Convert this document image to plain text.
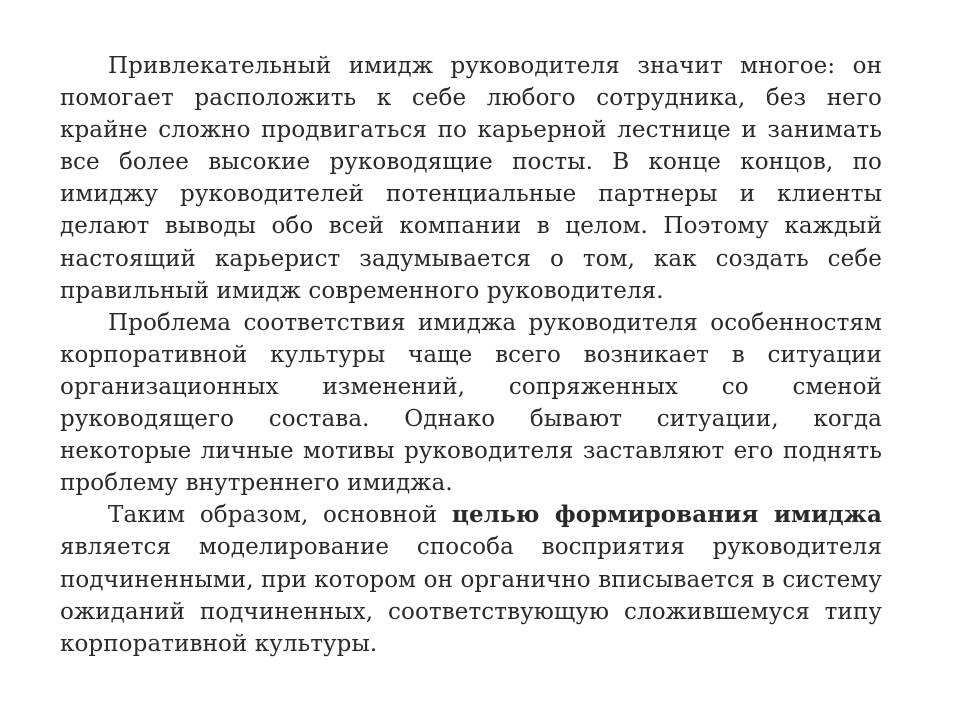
Привлекательный имидж руководителя значит многое: он помогает расположить к себе любого сотрудника, без него крайне сложно продвигаться по карьерной лестнице и занимать все более высокие руководящие посты. В конце концов, по имиджу руководителей потенциальные партнеры и клиенты делают выводы обо всей компании в целом. Поэтому каждый настоящий карьерист задумывается о том, как создать себе правильный имидж современного руководителя.

Проблема соответствия имиджа руководителя особенностям корпоративной культуры чаще всего возникает в ситуации организационных изменений, сопряженных со сменой руководящего состава. Однако бывают ситуации, когда некоторые личные мотивы руководителя заставляют его поднять проблему внутреннего имиджа.

Таким образом, основной целью формирования имиджа является моделирование способа восприятия руководителя подчиненными, при котором он органично вписывается в систему ожиданий подчиненных, соответствующую сложившемуся типу корпоративной культуры.
